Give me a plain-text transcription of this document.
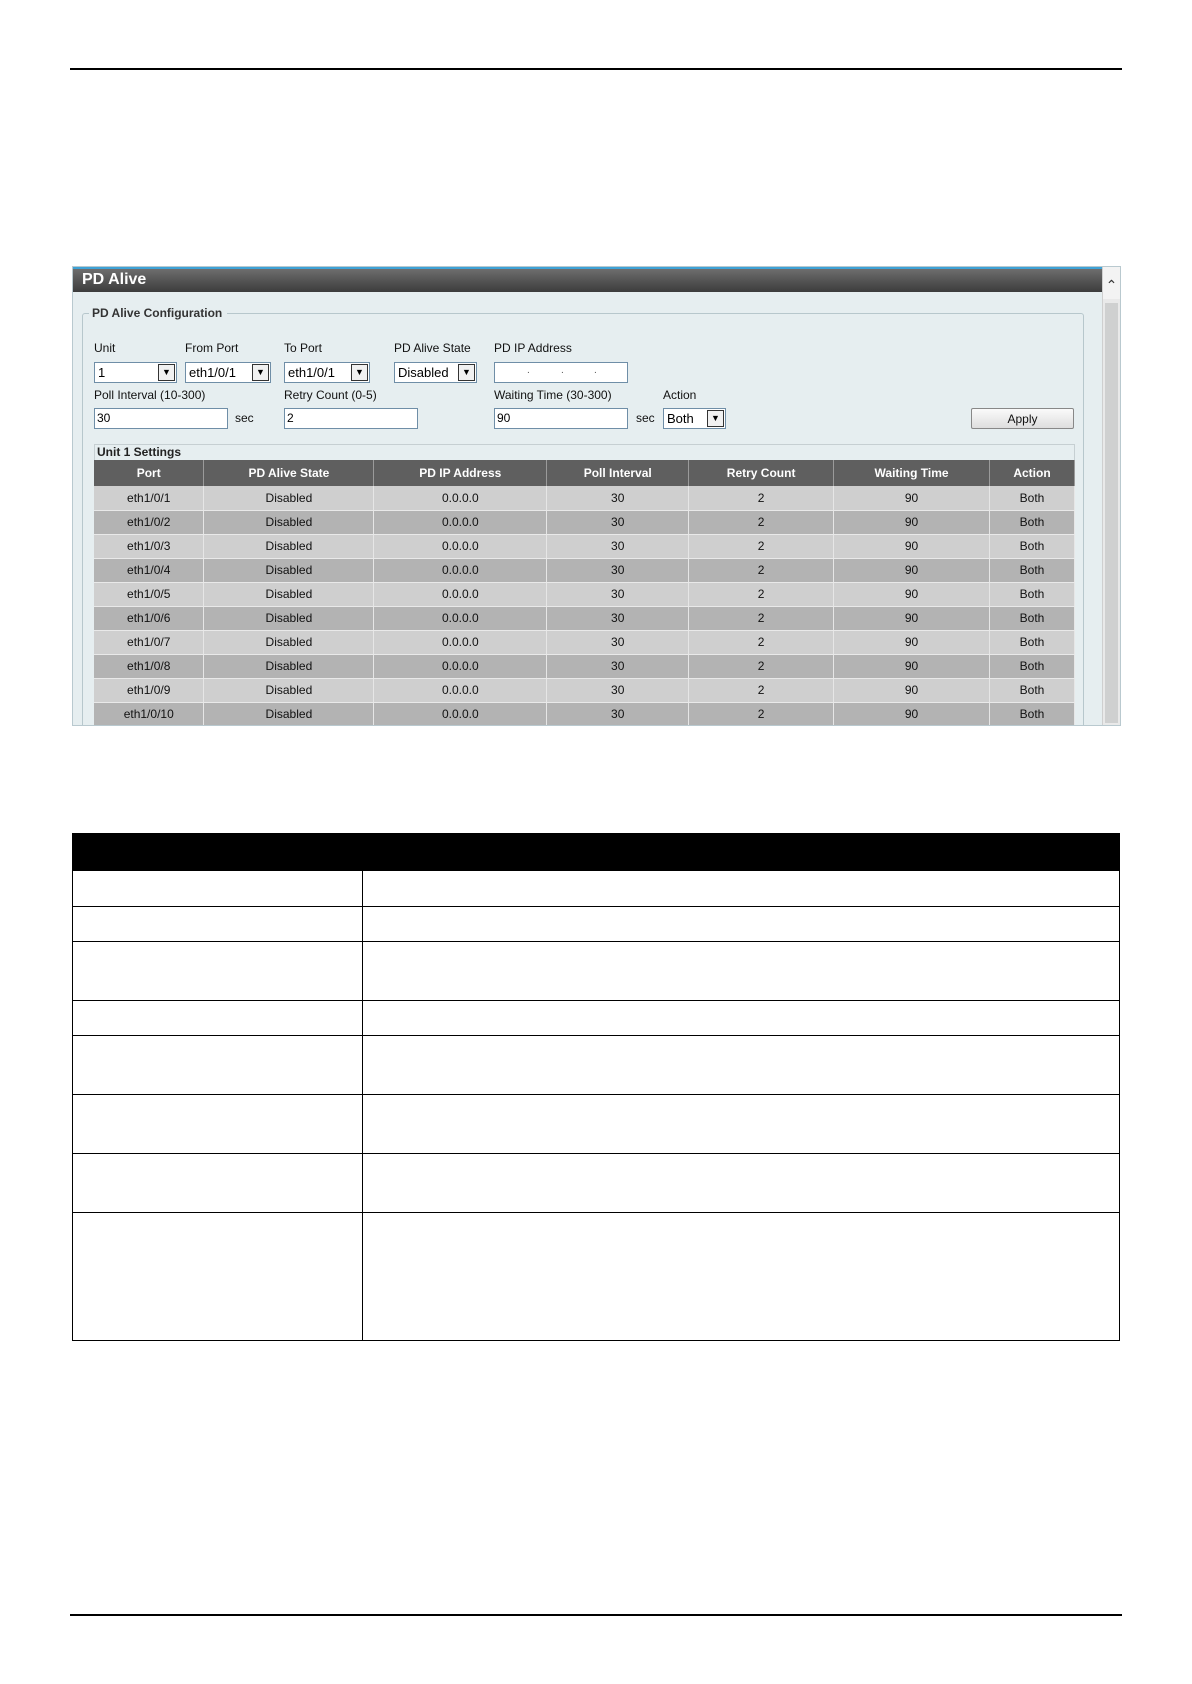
PD Alive	⌃
PD Alive Configuration
Unit	From Port	To Port	PD Alive State PD IP Address
1	▼	eth1/0/1	▼	eth1/0/1	▼	Disabled	▼	.	.	.
Poll Interval (10-300)	Retry Count (0-5)	Waiting Time (30-300)	Action
30	sec	2	90	sec Both	▼	Apply
Unit 1 Settings
Port	PD Alive State	PD IP Address	Poll Interval	Retry Count	Waiting Time	Action
eth1/0/1	Disabled	0.0.0.0	30	2	90	Both
eth1/0/2	Disabled	0.0.0.0	30	2	90	Both
eth1/0/3	Disabled	0.0.0.0	30	2	90	Both
eth1/0/4	Disabled	0.0.0.0	30	2	90	Both
eth1/0/5	Disabled	0.0.0.0	30	2	90	Both
eth1/0/6	Disabled	0.0.0.0	30	2	90	Both
eth1/0/7	Disabled	0.0.0.0	30	2	90	Both
eth1/0/8	Disabled	0.0.0.0	30	2	90	Both
eth1/0/9	Disabled	0.0.0.0	30	2	90	Both
eth1/0/10	Disabled	0.0.0.0	30	2	90	Both
